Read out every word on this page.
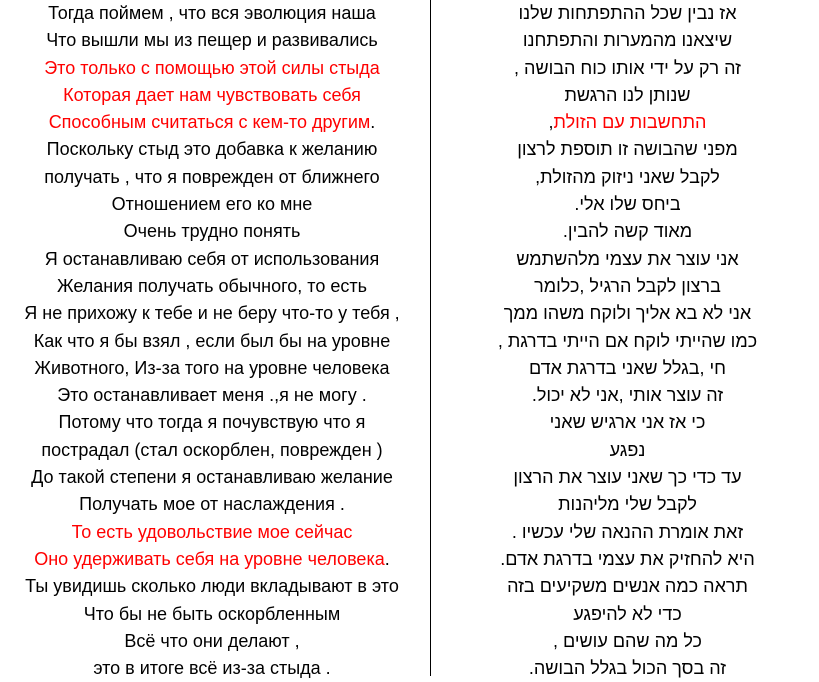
Тогда поймем , что вся эволюция наша
Что вышли мы из пещер и развивались
Это только с помощью этой силы стыда
Которая дает нам чувствовать себя
Способным считаться с кем-то другим.
Поскольку стыд это добавка к желанию
получать , что я поврежден от ближнего
Отношением его ко мне
Очень трудно понять
Я останавливаю себя от использования
Желания получать обычного, то есть
Я не прихожу к тебе и не беру что-то у тебя ,
Как что я бы взял , если был бы на уровне
Животного, Из-за того на уровне человека
Это останавливает меня .,я не могу .
Потому что тогда я почувствую что я
пострадал (стал оскорблен, поврежден )
До такой степени я останавливаю желание
Получать мое от наслаждения .
То есть удовольствие мое сейчас
Оно удерживать себя на уровне человека.
Ты увидишь сколько люди вкладывают в это
Что бы не быть оскорбленным
Всё что они делают ,
это в итоге всё из-за стыда .
אז נבין שכל ההתפתחות שלנו
שיצאנו מהמערות והתפתחנו
זה רק על ידי אותו כוח הבושה ,
שנותן לנו הרגשת
התחשבות עם הזולת,
מפני שהבושה זו תוספת לרצון
לקבל שאני ניזוק מהזולת,
ביחס שלו אלי.
מאוד קשה להבין.
אני עוצר את עצמי מלהשתמש
ברצון לקבל הרגיל ,כלומר
אני לא בא אליך ולוקח משהו ממך
כמו שהייתי לוקח אם הייתי בדרגת ,
חי ,בגלל שאני בדרגת אדם
זה עוצר אותי ,אני לא יכול.
כי אז אני ארגיש שאני
נפגע
עד כדי כך שאני עוצר את הרצון
לקבל שלי מליהנות
זאת אומרת ההנאה שלי עכשיו .
היא להחזיק את עצמי בדרגת אדם.
תראה כמה אנשים משקיעים בזה
כדי לא להיפגע
כל מה שהם עושים ,
זה בסך הכול בגלל הבושה.
